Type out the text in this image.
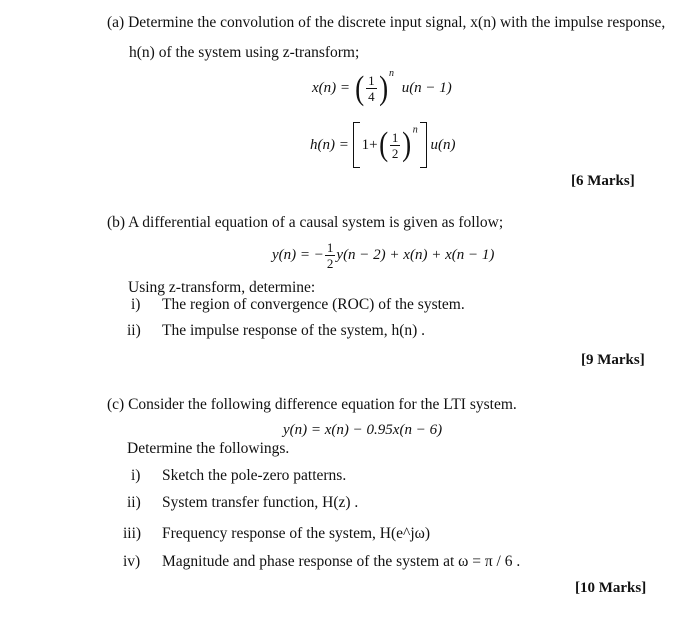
(a) Determine the convolution of the discrete input signal, x(n) with the impulse response,
h(n) of the system using z-transform;
x(n) = ( $\frac{1}{4} )^n$ u(n − 1)
$h(n) = 1+( \frac{1}{2} )^n$ u(n)
[6 Marks]
(b) A differential equation of a causal system is given as follow;
y(n) = − $\frac{1}{2} y(n - 2) + x(n) + x(n - 1)$
Using z-transform, determine:
i) The region of convergence (ROC) of the system.
ii) The impulse response of the system, h(n) .
[9 Marks]
(c) Consider the following difference equation for the LTI system.
y(n) = x(n) − 0.95x(n − 6)
Determine the followings.
i) Sketch the pole-zero patterns.
ii) System transfer function, H(z) .
iii) Frequency response of the system, H(e^jω)
iv) Magnitude and phase response of the system at ω = π / 6 .
[10 Marks]
